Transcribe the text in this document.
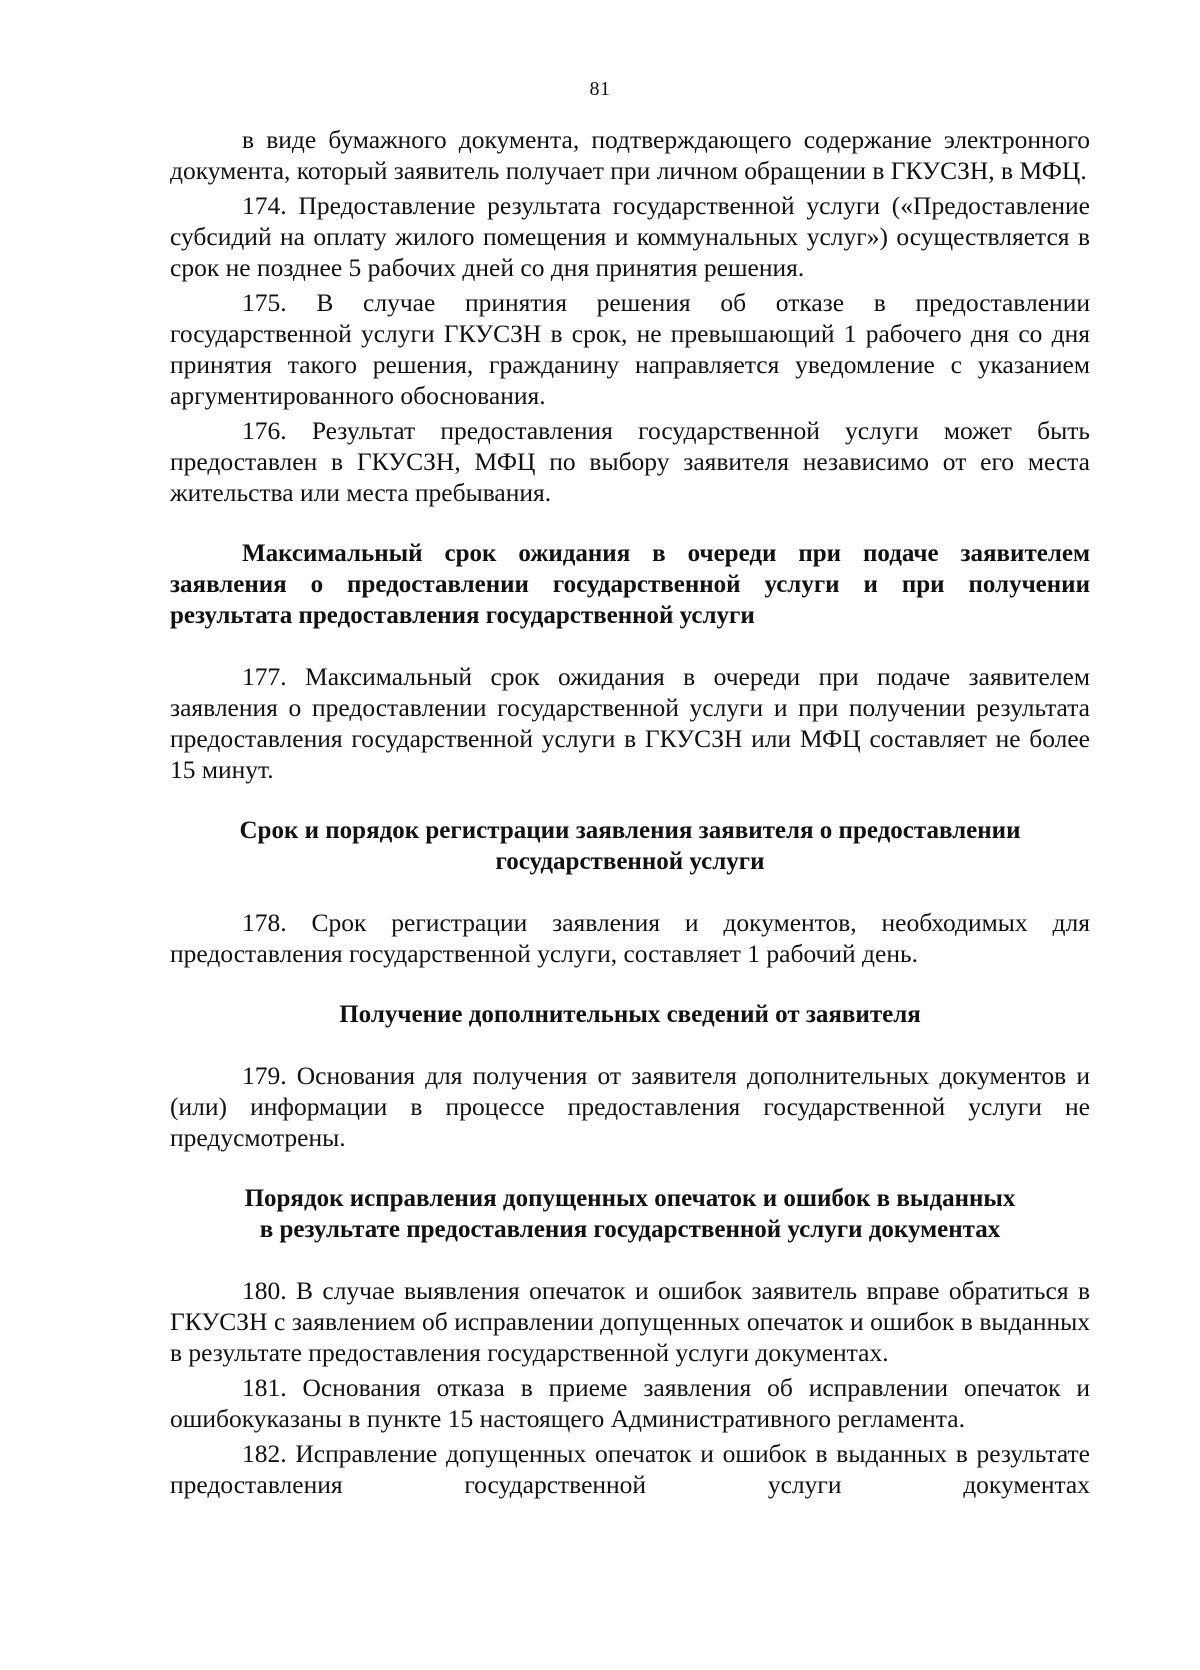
81

в виде бумажного документа, подтверждающего содержание электронного документа, который заявитель получает при личном обращении в ГКУСЗН, в МФЦ.

174. Предоставление результата государственной услуги («Предоставление субсидий на оплату жилого помещения и коммунальных услуг») осуществляется в срок не позднее 5 рабочих дней со дня принятия решения.

175. В случае принятия решения об отказе в предоставлении государственной услуги ГКУСЗН в срок, не превышающий 1 рабочего дня со дня принятия такого решения, гражданину направляется уведомление с указанием аргументированного обоснования.

176. Результат предоставления государственной услуги может быть предоставлен в ГКУСЗН, МФЦ по выбору заявителя независимо от его места жительства или места пребывания.

Максимальный срок ожидания в очереди при подаче заявителем заявления о предоставлении государственной услуги и при получении результата предоставления государственной услуги

177. Максимальный срок ожидания в очереди при подаче заявителем заявления о предоставлении государственной услуги и при получении результата предоставления государственной услуги в ГКУСЗН или МФЦ составляет не более 15 минут.

Срок и порядок регистрации заявления заявителя о предоставлении
государственной услуги

178. Срок регистрации заявления и документов, необходимых для предоставления государственной услуги, составляет 1 рабочий день.

Получение дополнительных сведений от заявителя

179. Основания для получения от заявителя дополнительных документов и (или) информации в процессе предоставления государственной услуги не предусмотрены.

Порядок исправления допущенных опечаток и ошибок в выданных
в результате предоставления государственной услуги документах

180. В случае выявления опечаток и ошибок заявитель вправе обратиться в ГКУСЗН с заявлением об исправлении допущенных опечаток и ошибок в выданных в результате предоставления государственной услуги документах.

181. Основания отказа в приеме заявления об исправлении опечаток и ошибокуказаны в пункте 15 настоящего Административного регламента.

182. Исправление допущенных опечаток и ошибок в выданных в результате предоставления государственной услуги документах
